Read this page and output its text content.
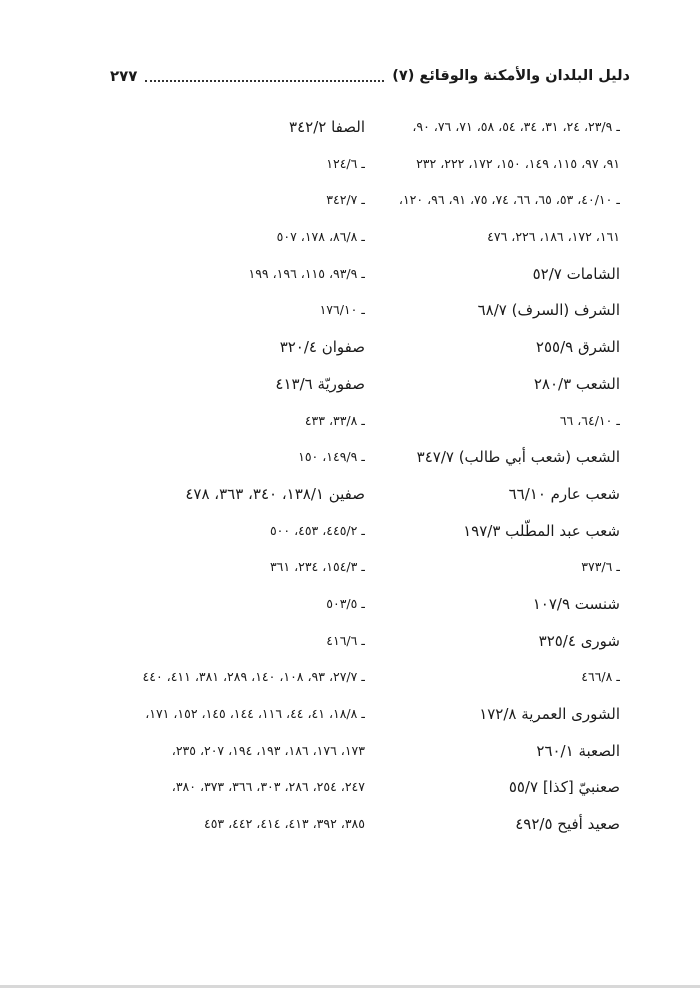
دليل البلدان والأمكنة والوقائع (٧)
٢٧٧
ـ ٢٣/٩، ٢٤، ٣١، ٣٤، ٥٤، ٥٨، ٧١، ٧٦، ٩٠،
٩١، ٩٧، ١١٥، ١٤٩، ١٥٠، ١٧٢، ٢٢٢، ٢٣٢
ـ ٤٠/١٠، ٥٣، ٦٥، ٦٦، ٧٤، ٧٥، ٩١، ٩٦، ١٢٠،
١٦١، ١٧٢، ١٨٦، ٢٢٦، ٤٧٦
الشامات ٥٢/٧
الشرف (السرف) ٦٨/٧
الشرق ٢٥٥/٩
الشعب ٢٨٠/٣
ـ ٦٤/١٠، ٦٦
الشعب (شعب أبي طالب) ٣٤٧/٧
شعب عارم ٦٦/١٠
شعب عبد المطّلب ١٩٧/٣
ـ ٣٧٣/٦
شنست ١٠٧/٩
شورى ٣٢٥/٤
ـ ٤٦٦/٨
الشورى العمرية ١٧٢/٨
الصعبة ٢٦٠/١
صعنبيّ [كذا] ٥٥/٧
صعيد أفيح ٤٩٢/٥
الصفا ٣٤٢/٢
ـ ١٢٤/٦
ـ ٣٤٢/٧
ـ ٨٦/٨، ١٧٨، ٥٠٧
ـ ٩٣/٩، ١١٥، ١٩٦، ١٩٩
ـ ١٧٦/١٠
صفوان ٣٢٠/٤
صفوريّة ٤١٣/٦
ـ ٣٣/٨، ٤٣٣
ـ ١٤٩/٩، ١٥٠
صفين ١٣٨/١، ٣٤٠، ٣٦٣، ٤٧٨
ـ ٤٤٥/٢، ٤٥٣، ٥٠٠
ـ ١٥٤/٣، ٢٣٤، ٣٦١
ـ ٥٠٣/٥
ـ ٤١٦/٦
ـ ٢٧/٧، ٩٣، ١٠٨، ١٤٠، ٢٨٩، ٣٨١، ٤١١، ٤٤٠
ـ ١٨/٨، ٤١، ٤٤، ١١٦، ١٤٤، ١٤٥، ١٥٢، ١٧١،
١٧٣، ١٧٦، ١٨٦، ١٩٣، ١٩٤، ٢٠٧، ٢٣٥،
٢٤٧، ٢٥٤، ٢٨٦، ٣٠٣، ٣٦٦، ٣٧٣، ٣٨٠،
٣٨٥، ٣٩٢، ٤١٣، ٤١٤، ٤٤٢، ٤٥٣
